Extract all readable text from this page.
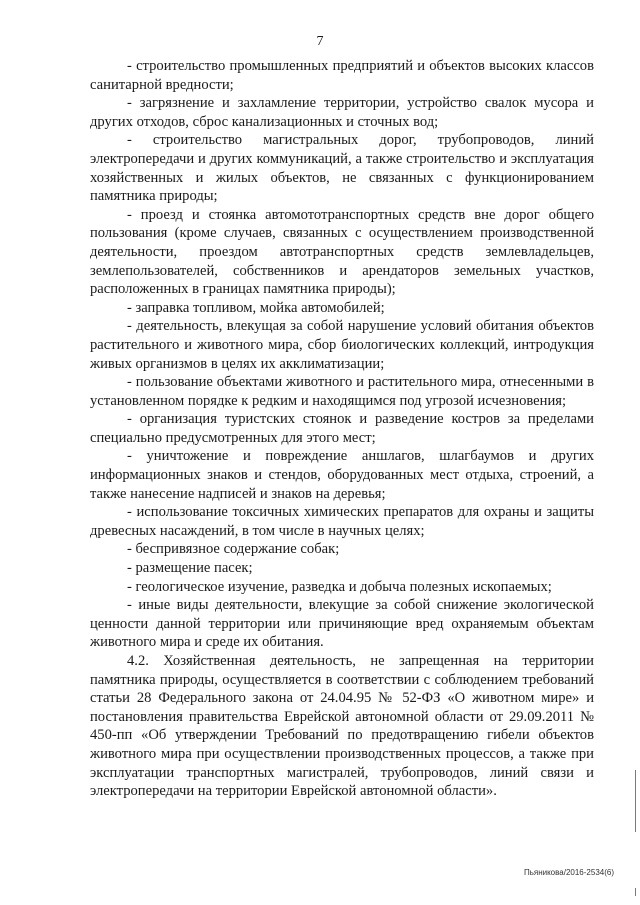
7

- строительство промышленных предприятий и объектов высоких классов санитарной вредности;

- загрязнение и захламление территории, устройство свалок мусора и других отходов, сброс канализационных и сточных вод;

- строительство магистральных дорог, трубопроводов, линий электропередачи и других коммуникаций, а также строительство и эксплуатация хозяйственных и жилых объектов, не связанных с функционированием памятника природы;

- проезд и стоянка автомототранспортных средств вне дорог общего пользования (кроме случаев, связанных с осуществлением производственной деятельности, проездом автотранспортных средств землевладельцев, землепользователей, собственников и арендаторов земельных участков, расположенных в границах памятника природы);

- заправка топливом, мойка автомобилей;

- деятельность, влекущая за собой нарушение условий обитания объектов растительного и животного мира, сбор биологических коллекций, интродукция живых организмов в целях их акклиматизации;

- пользование объектами животного и растительного мира, отнесенными в установленном порядке к редким и находящимся под угрозой исчезновения;

- организация туристских стоянок и разведение костров за пределами специально предусмотренных для этого мест;

- уничтожение и повреждение аншлагов, шлагбаумов и других информационных знаков и стендов, оборудованных мест отдыха, строений, а также нанесение надписей и знаков на деревья;

- использование токсичных химических препаратов для охраны и защиты древесных насаждений, в том числе в научных целях;

- беспривязное содержание собак;

- размещение пасек;

- геологическое изучение, разведка и добыча полезных ископаемых;

- иные виды деятельности, влекущие за собой снижение экологической ценности данной территории или причиняющие вред охраняемым объектам животного мира и среде их обитания.

4.2. Хозяйственная деятельность, не запрещенная на территории памятника природы, осуществляется в соответствии с соблюдением требований статьи 28 Федерального закона от 24.04.95 № 52-ФЗ «О животном мире» и постановления правительства Еврейской автономной области от 29.09.2011 № 450-пп «Об утверждении Требований по предотвращению гибели объектов животного мира при осуществлении производственных процессов, а также при эксплуатации транспортных магистралей, трубопроводов, линий связи и электропередачи на территории Еврейской автономной области».

Пьяникова/2016-2534(6)
